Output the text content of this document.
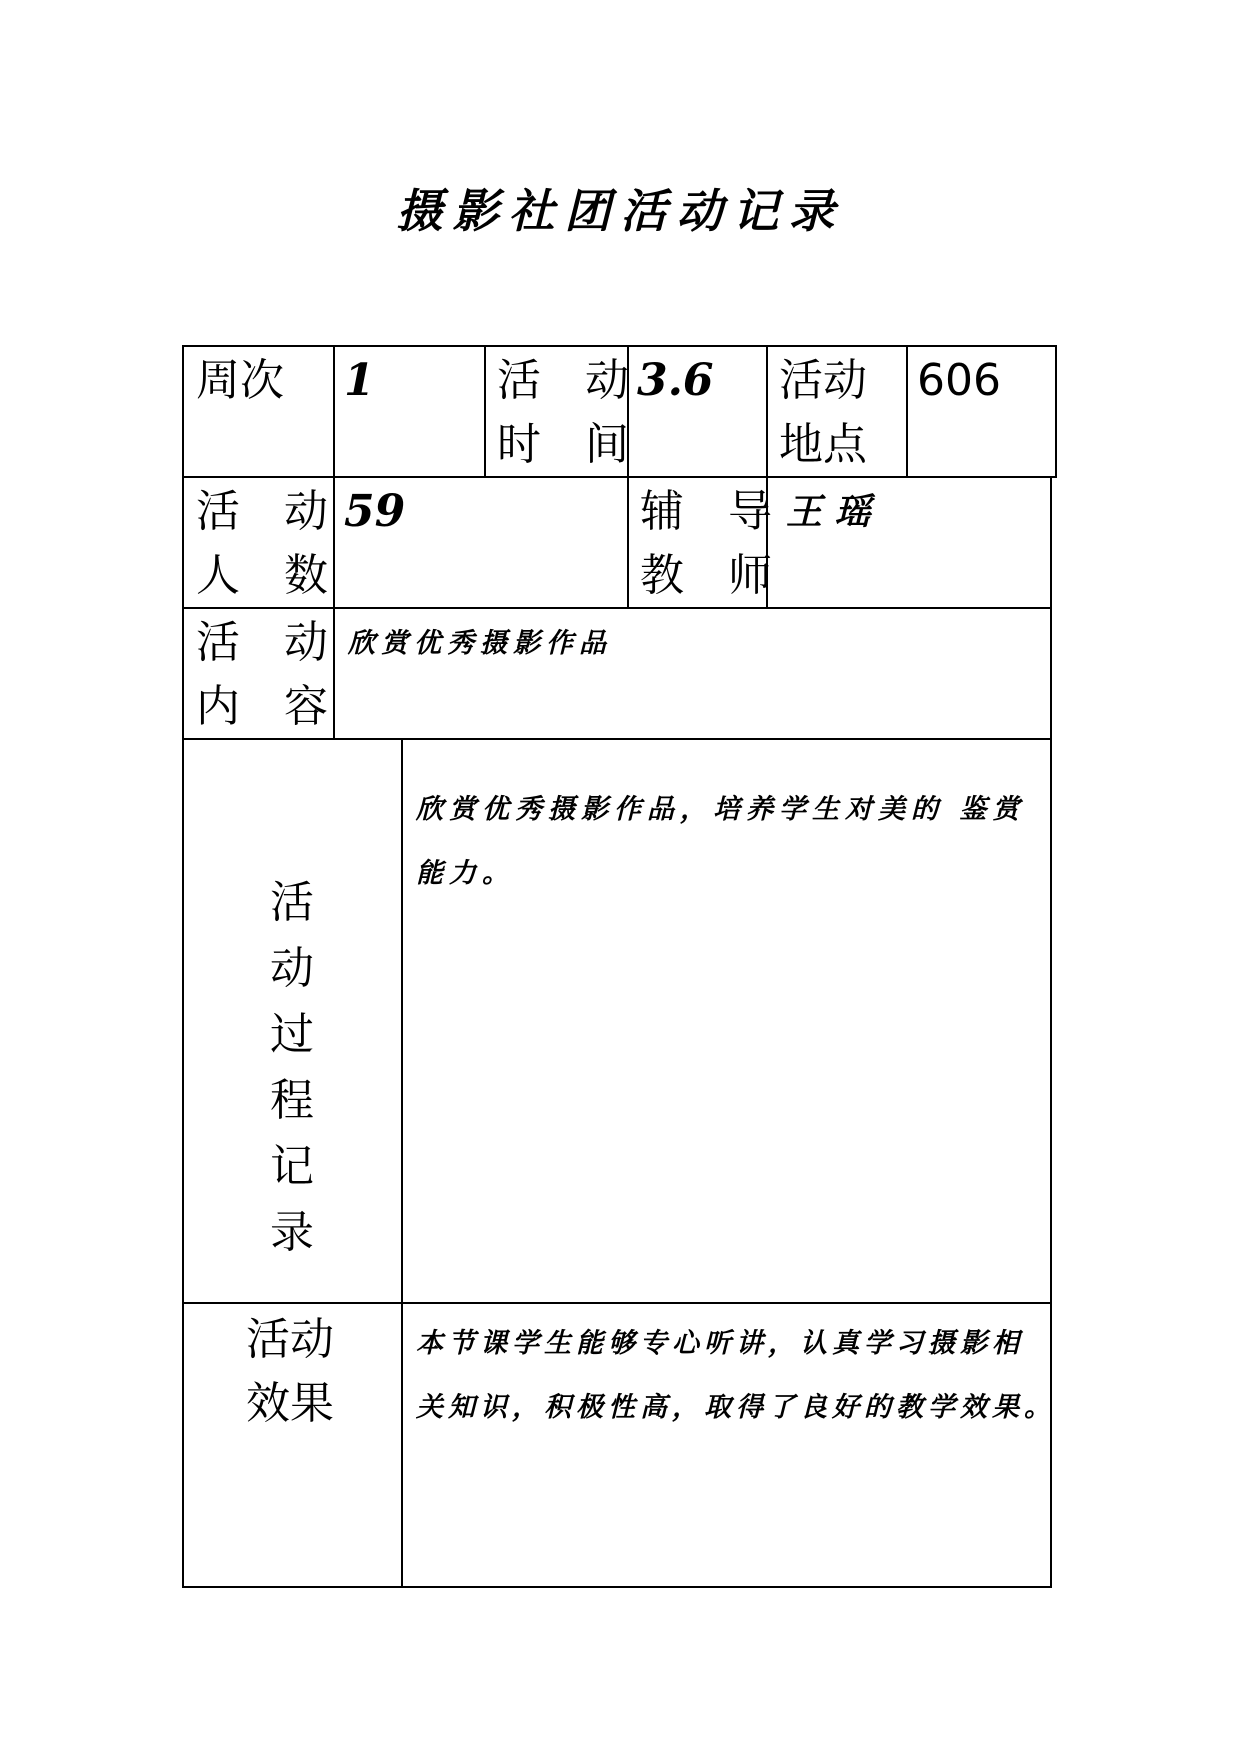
摄影社团活动记录
周次 1	活　动
时　间
3.6 活动
地点
606
活　动
人　数
59	辅　导
教　师
王 瑶
活　动
内　容
欣赏优秀摄影作品
活
动
过
程
记
录
欣赏优秀摄影作品，培养学生对美的 鉴赏
能力。
活动
效果
本节课学生能够专心听讲，认真学习摄影相
关知识，积极性高，取得了良好的教学效果。
